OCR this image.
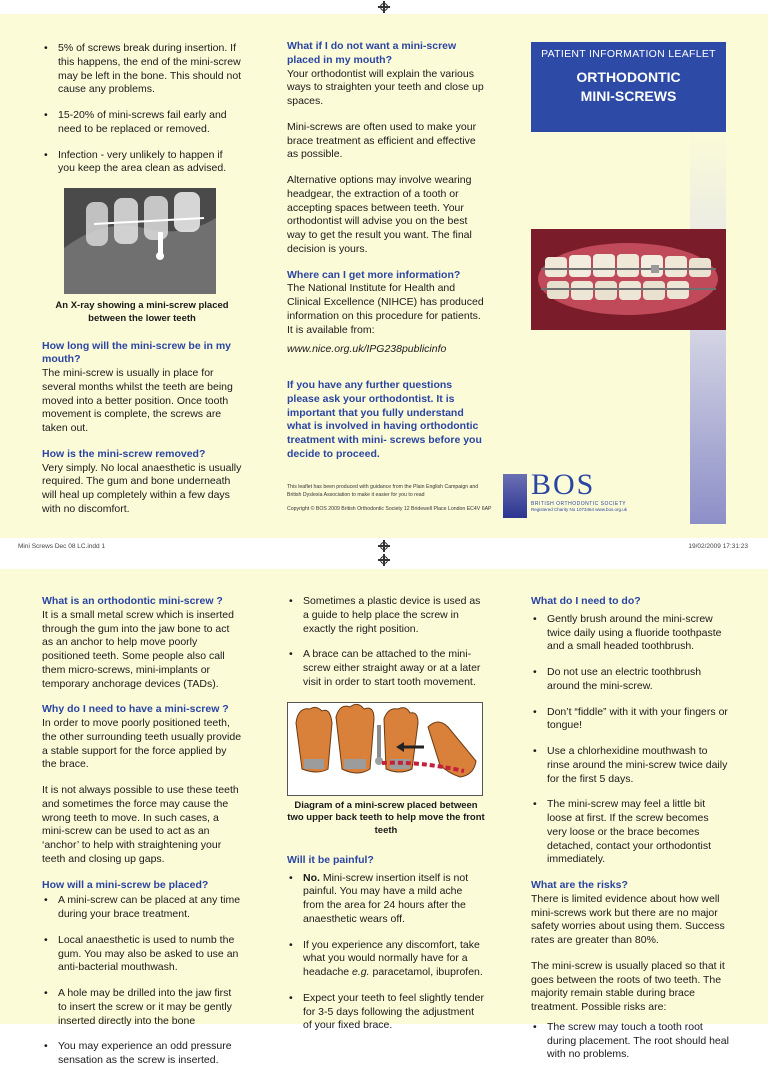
• 5% of screws break during insertion. If this happens, the end of the mini-screw may be left in the bone. This should not cause any problems.
• 15-20% of mini-screws fail early and need to be replaced or removed.
• Infection - very unlikely to happen if you keep the area clean as advised.
An X-ray showing a mini-screw placed between the lower teeth
How long will the mini-screw be in my mouth?

The mini-screw is usually in place for several months whilst the teeth are being moved into a better position. Once tooth movement is complete, the screws are taken out.

How is the mini-screw removed?

Very simply. No local anaesthetic is usually required. The gum and bone underneath will heal up completely within a few days with no discomfort.

What if I do not want a mini-screw placed in my mouth?

Your orthodontist will explain the various ways to straighten your teeth and close up spaces.

Mini-screws are often used to make your brace treatment as efficient and effective as possible.

Alternative options may involve wearing headgear, the extraction of a tooth or accepting spaces between teeth. Your orthodontist will advise you on the best way to get the result you want. The final decision is yours.

Where can I get more information?

The National Institute for Health and Clinical Excellence (NIHCE) has produced information on this procedure for patients. It is available from:

www.nice.org.uk/IPG238publicinfo

If you have any further questions please ask your orthodontist. It is important that you fully understand what is involved in having orthodontic treatment with mini- screws before you decide to proceed.

This leaflet has been produced with guidance from the Plain English Campaign and British Dyslexia Association to make it easier for you to read
Copyright © BOS 2009 British Orthodontic Society 12 Bridewell Place London EC4V 6AP
PATIENT INFORMATION LEAFLET
ORTHODONTIC
MINI-SCREWS
BOS
BRITISH ORTHODONTIC SOCIETY
Registered Charity No 1073464 www.bos.org.uk
Mini Screws Dec 08 LC.indd 1	19/02/2009 17:31:23
What is an orthodontic mini-screw ?

It is a small metal screw which is inserted through the gum into the jaw bone to act as an anchor to help move poorly positioned teeth. Some people also call them micro-screws, mini-implants or temporary anchorage devices (TADs).

Why do I need to have a mini-screw ?

In order to move poorly positioned teeth, the other surrounding teeth usually provide a stable support for the force applied by the brace.

It is not always possible to use these teeth and sometimes the force may cause the wrong teeth to move. In such cases, a mini-screw can be used to act as an ‘anchor’ to help with straightening your teeth and closing up gaps.

How will a mini-screw be placed?
• A mini-screw can be placed at any time during your brace treatment.
• Local anaesthetic is used to numb the gum. You may also be asked to use an anti-bacterial mouthwash.
• A hole may be drilled into the jaw first to insert the screw or it may be gently inserted directly into the bone
• You may experience an odd pressure sensation as the screw is inserted.
• Sometimes a plastic device is used as a guide to help place the screw in exactly the right position.
• A brace can be attached to the mini-screw either straight away or at a later visit in order to start tooth movement.
Diagram of a mini-screw placed between two upper back teeth to help move the front teeth
Will it be painful?
• No. Mini-screw insertion itself is not painful. You may have a mild ache from the area for 24 hours after the anaesthetic wears off.
• If you experience any discomfort, take what you would normally have for a headache e.g. paracetamol, ibuprofen.
• Expect your teeth to feel slightly tender for 3-5 days following the adjustment of your fixed brace.
What do I need to do?
• Gently brush around the mini-screw twice daily using a fluoride toothpaste and a small headed toothbrush.
• Do not use an electric toothbrush around the mini-screw.
• Don’t “fiddle” with it with your fingers or tongue!
• Use a chlorhexidine mouthwash to rinse around the mini-screw twice daily for the first 5 days.
• The mini-screw may feel a little bit loose at first. If the screw becomes very loose or the brace becomes detached, contact your orthodontist immediately.
What are the risks?

There is limited evidence about how well mini-screws work but there are no major safety worries about using them. Success rates are greater than 80%.

The mini-screw is usually placed so that it goes between the roots of two teeth. The majority remain stable during brace treatment. Possible risks are:

• The screw may touch a tooth root during placement. The root should heal with no problems.
